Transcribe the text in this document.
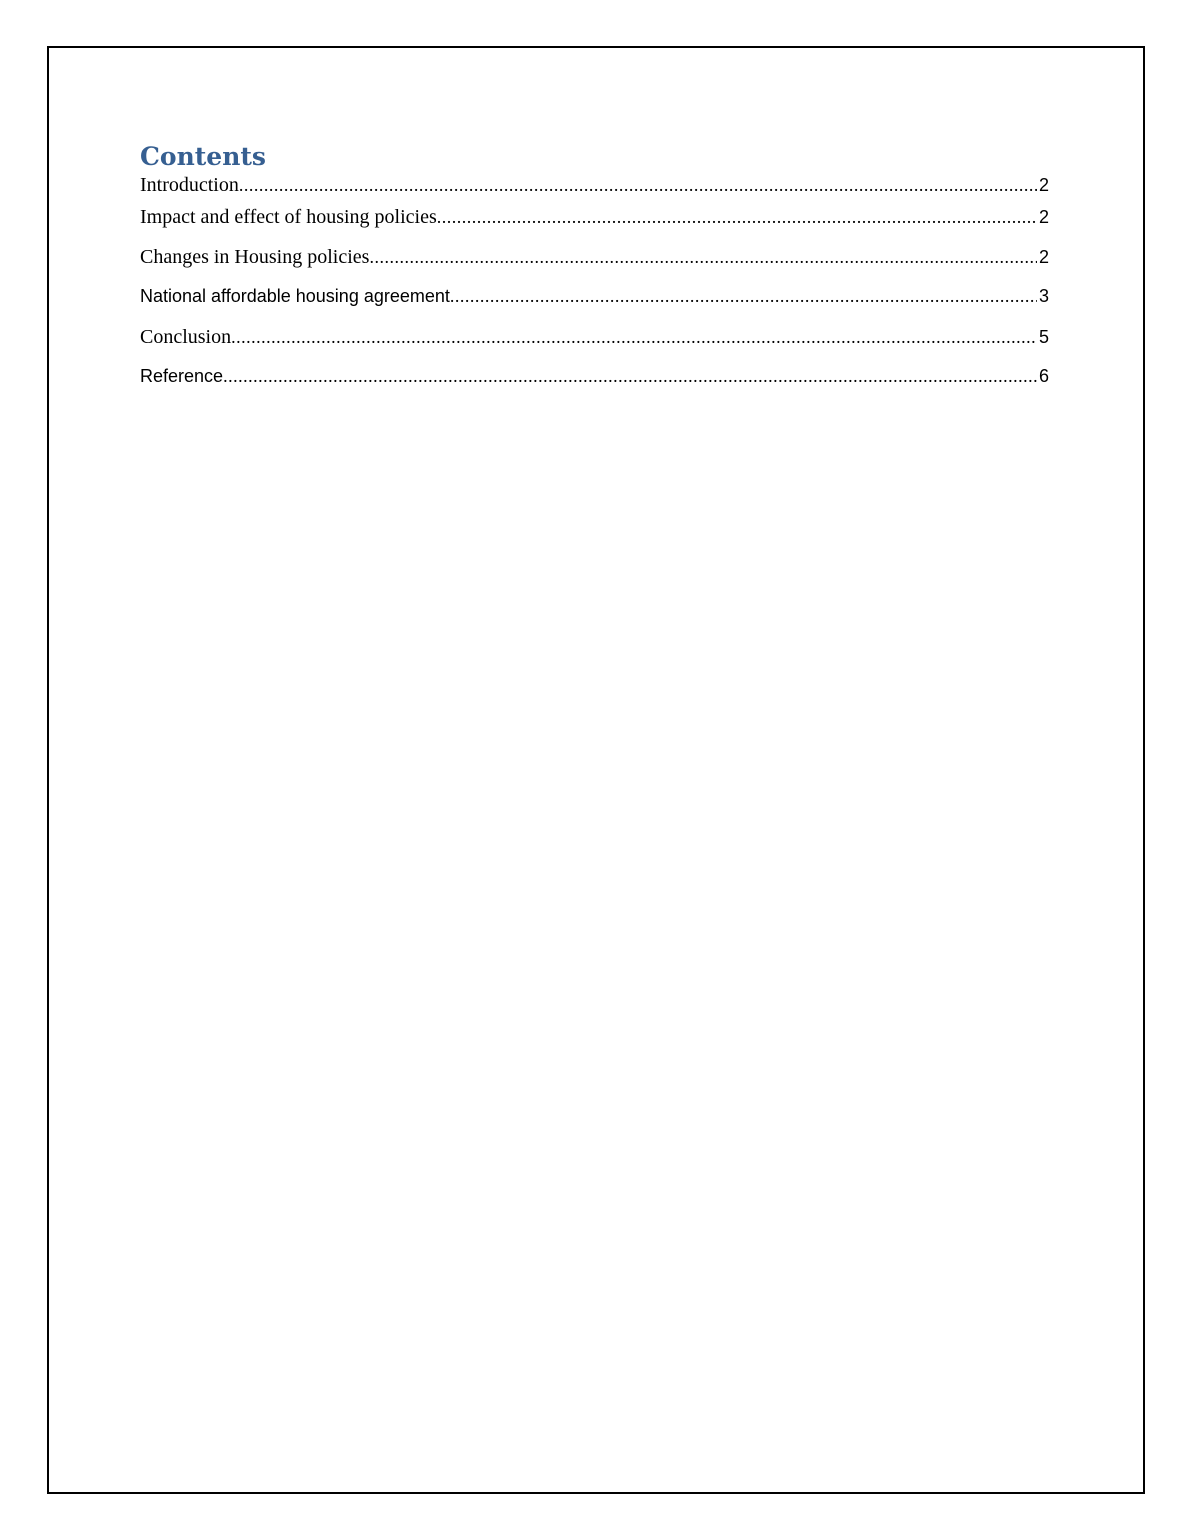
Contents
Introduction .....	2
Impact and effect of housing policies .....	2
Changes in Housing policies .....	2
National affordable housing agreement .....	3
Conclusion .....	5
Reference .....	6
